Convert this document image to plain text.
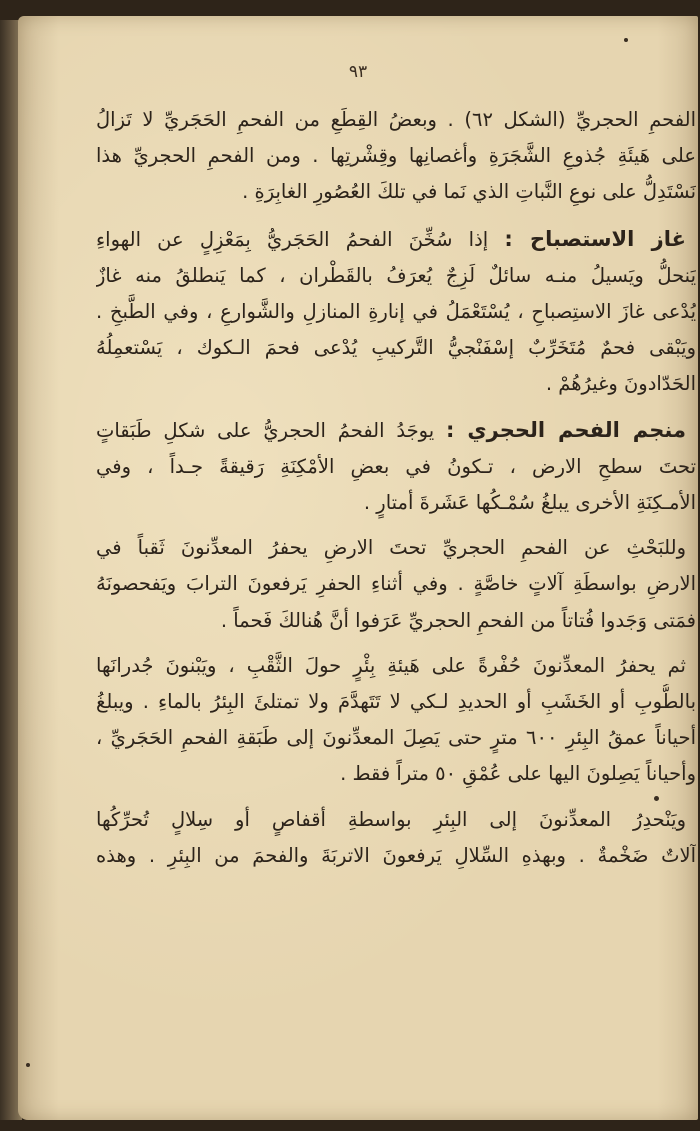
٩٣
الفحمِ الحجريِّ (الشكل ٦٢) . وبعضُ القِطَعِ من الفحمِ الحَجَريِّ لا تَزالُ
على هَيئَةِ جُذوعِ الشَّجَرَةِ وأغصانِها وقِشْرتِها . ومن الفحمِ الحجريِّ هذا
نَسْتَدِلُّ على نوعِ النَّباتِ الذي نَما في تلكَ العُصُورِ الغابِرَةِ .
غاز الاستصباح : إذا سُخِّنَ الفحمُ الحَجَريُّ بِمَعْزِلٍ عن الهواءِ
يَنحلُّ ويَسيلُ منـه سائلٌ لَزِجٌ يُعرَفُ بالقَطْران ، كما يَنطلقُ منه غازٌ
يُدْعى غازَ الاستِصباحِ ، يُسْتَعْمَلُ في إنارةِ المنازلِ والشَّوارعِ ، وفي الطَّبخِ .
ويَبْقى فحمٌ مُتَخَرِّبٌ إسْفَنْجيُّ التَّركيبِ يُدْعى فحمَ الـكوك ، يَسْتعمِلُهُ
الحَدّادونَ وغيرُهُمْ .
منجم الفحم الحجري : يوجَدُ الفحمُ الحجريُّ على شكلِ طَبَقاتٍ
تحتَ سطحِ الارض ، تـكونُ في بعضِ الأمْكِنَةِ رَقيقةً جـداً ، وفي
الأمـكِنَةِ الأخرى يبلغُ سُمْـكُها عَشَرةَ أمتارٍ .
وللبَحْثِ عن الفحمِ الحجريِّ تحتَ الارضِ يحفرُ المعدِّنونَ ثَقباً في
الارضِ بواسطَةِ آلاتٍ خاصَّةٍ . وفي أثناءِ الحفرِ يَرفعونَ الترابَ ويَفحصونَهُ
فمَتى وَجَدوا فُتاتاً من الفحمِ الحجريِّ عَرَفوا أنَّ هُنالكَ فَحماً .
ثم يحفرُ المعدِّنونَ حُفْرةً على هَيئةِ بِئْرٍ حولَ الثَّقْبِ ، ويَبْنونَ جُدرانَها
بالطُّوبِ أو الخَشَبِ أو الحديدِ لـكي لا تَتَهدَّمَ ولا تمتلئَ البِئرُ بالماءِ . ويبلغُ
أحياناً عمقُ البِئرِ ٦٠٠ مترٍ حتى يَصِلَ المعدِّنونَ إلى طَبَقةِ الفحمِ الحَجَريِّ ،
وأحياناً يَصِلونَ اليها على عُمْقِ ٥٠ متراً فقط .
ويَنْحدِرُ المعدِّنونَ إلى البِئرِ بواسطةِ أقفاصٍ أو سِلالٍ تُحرِّكُها
آلاتٌ ضَخْمةٌ . وبهذهِ السِّلالِ يَرفعونَ الاتربَةَ والفحمَ من البِئرِ . وهذه
